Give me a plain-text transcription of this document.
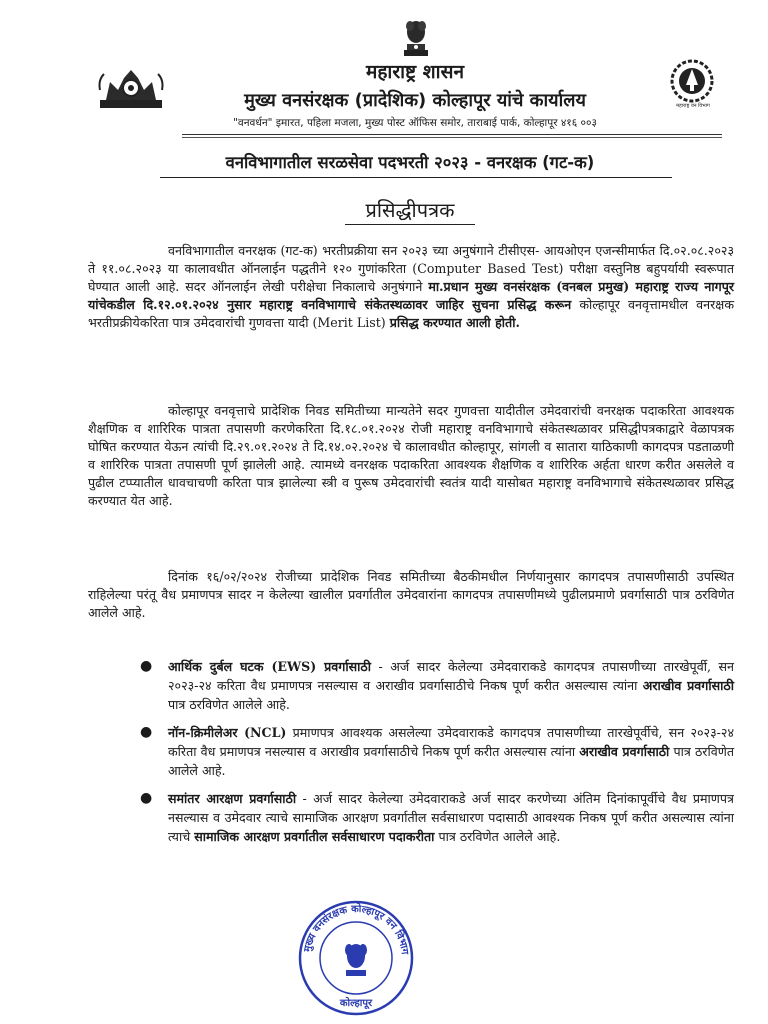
महाराष्ट्र वन विभाग
महाराष्ट्र शासन
मुख्य वनसंरक्षक (प्रादेशिक) कोल्हापूर यांचे कार्यालय
"वनवर्धन" इमारत, पहिला मजला, मुख्य पोस्ट ऑफिस समोर, ताराबाई पार्क, कोल्हापूर ४१६ ००३
वनविभागातील सरळसेवा पदभरती २०२३ - वनरक्षक (गट-क)
प्रसिद्धीपत्रक
वनविभागातील वनरक्षक (गट-क) भरतीप्रक्रीया सन २०२३ च्या अनुषंगाने टीसीएस- आयओएन एजन्सीमार्फत दि.०२.०८.२०२३ ते ११.०८.२०२३ या कालावधीत ऑनलाईन पद्धतीने १२० गुणांकरिता (Computer Based Test) परीक्षा वस्तुनिष्ठ बहुपर्यायी स्वरूपात घेण्यात आली आहे. सदर ऑनलाईन लेखी परीक्षेचा निकालाचे अनुषंगाने मा.प्रधान मुख्य वनसंरक्षक (वनबल प्रमुख) महाराष्ट्र राज्य नागपूर यांचेकडील दि.१२.०१.२०२४ नुसार महाराष्ट्र वनविभागाचे संकेतस्थळावर जाहिर सुचना प्रसिद्ध करून कोल्हापूर वनवृत्तामधील वनरक्षक भरतीप्रक्रीयेकरिता पात्र उमेदवारांची गुणवत्ता यादी (Merit List) प्रसिद्ध करण्यात आली होती.
कोल्हापूर वनवृत्ताचे प्रादेशिक निवड समितीच्या मान्यतेने सदर गुणवत्ता यादीतील उमेदवारांची वनरक्षक पदाकरिता आवश्यक शैक्षणिक व शारिरिक पात्रता तपासणी करणेकरिता दि.१८.०१.२०२४ रोजी महाराष्ट्र वनविभागाचे संकेतस्थळावर प्रसिद्धीपत्रकाद्वारे वेळापत्रक घोषित करण्यात येऊन त्यांची दि.२९.०१.२०२४ ते दि.१४.०२.२०२४ चे कालावधीत कोल्हापूर, सांगली व सातारा याठिकाणी कागदपत्र पडताळणी व शारिरिक पात्रता तपासणी पूर्ण झालेली आहे. त्यामध्ये वनरक्षक पदाकरिता आवश्यक शैक्षणिक व शारिरिक अर्हता धारण करीत असलेले व पुढील टप्प्यातील धावचाचणी करिता पात्र झालेल्या स्त्री व पुरूष उमेदवारांची स्वतंत्र यादी यासोबत महाराष्ट्र वनविभागाचे संकेतस्थळावर प्रसिद्ध करण्यात येत आहे.
दिनांक १६/०२/२०२४ रोजीच्या प्रादेशिक निवड समितीच्या बैठकीमधील निर्णयानुसार कागदपत्र तपासणीसाठी उपस्थित राहिलेल्या परंतू वैध प्रमाणपत्र सादर न केलेल्या खालील प्रवर्गातील उमेदवारांना कागदपत्र तपासणीमध्ये पुढीलप्रमाणे प्रवर्गासाठी पात्र ठरविणेत आलेले आहे.
● आर्थिक दुर्बल घटक (EWS) प्रवर्गासाठी - अर्ज सादर केलेल्या उमेदवाराकडे कागदपत्र तपासणीच्या तारखेपूर्वी, सन २०२३-२४ करिता वैध प्रमाणपत्र नसल्यास व अराखीव प्रवर्गासाठीचे निकष पूर्ण करीत असल्यास त्यांना अराखीव प्रवर्गासाठी पात्र ठरविणेत आलेले आहे.
● नॉन-क्रिमीलेअर (NCL) प्रमाणपत्र आवश्यक असलेल्या उमेदवाराकडे कागदपत्र तपासणीच्या तारखेपूर्वीचे, सन २०२३-२४ करिता वैध प्रमाणपत्र नसल्यास व अराखीव प्रवर्गासाठीचे निकष पूर्ण करीत असल्यास त्यांना अराखीव प्रवर्गासाठी पात्र ठरविणेत आलेले आहे.
● समांतर आरक्षण प्रवर्गासाठी - अर्ज सादर केलेल्या उमेदवाराकडे अर्ज सादर करणेच्या अंतिम दिनांकापूर्वीचे वैध प्रमाणपत्र नसल्यास व उमेदवार त्याचे सामाजिक आरक्षण प्रवर्गातील सर्वसाधारण पदासाठी आवश्यक निकष पूर्ण करीत असल्यास त्यांना त्याचे सामाजिक आरक्षण प्रवर्गातील सर्वसाधारण पदाकरीता पात्र ठरविणेत आलेले आहे.
मुख्य वनसंरक्षक कोल्हापूर वन विभाग
कोल्हापूर
